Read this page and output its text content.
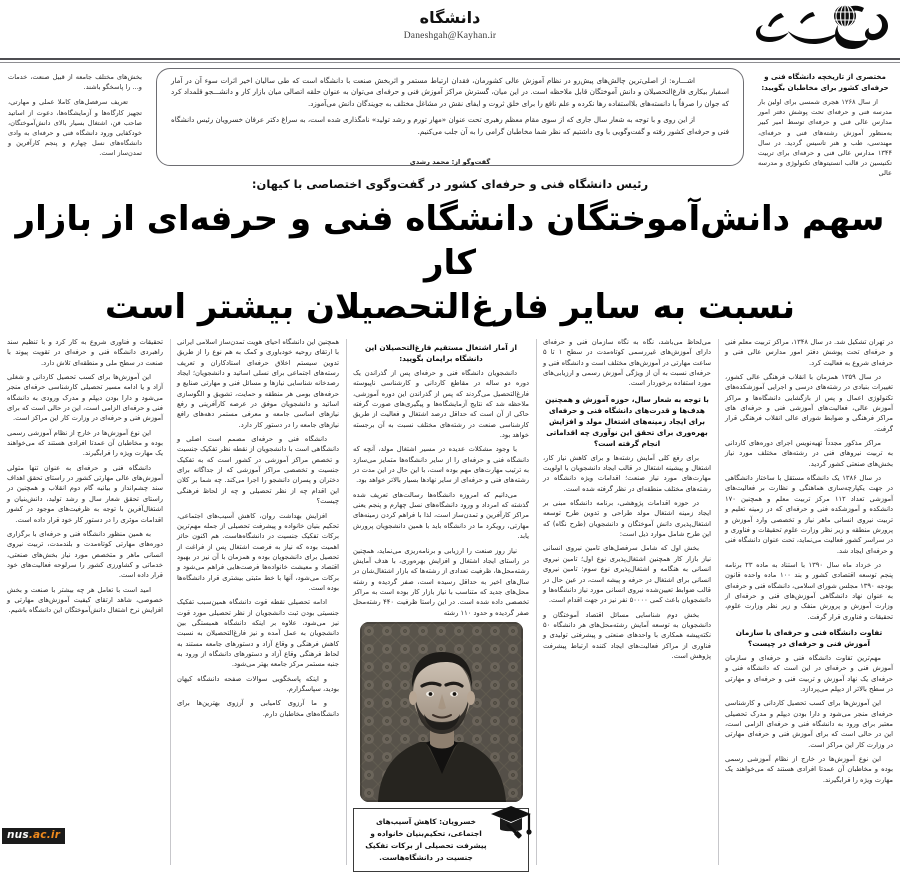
دانشگاه
Daneshgah@Kayhan.ir

مختصری از تاریخچه دانشگاه فنی و حرفه‌ای کشور برای مخاطبان بگویید:

از سال ۱۲۶۸ هجری شمسی برای اولین بار مدرسه فنی و حرفه‌ای تحت پوشش دفتر امور مدارس عالی فنی و حرفه‌ای توسط امیر کبیر به‌منظور آموزش رشته‌های فنی و حرفه‌ای، مهندسی، طب و هنر تاسیس گردید. در سال ۱۳۴۴ مدارس عالی فنی و حرفه‌ای برای تربیت تکنیسین در قالب انستیتوهای تکنولوژی و مدرسه عالی

اشـــاره: از اصلی‌ترین چالش‌های پیش‌رو در نظام آموزش عالی کشورمان، فقدان ارتباط مستمر و اثربخش صنعت با دانشگاه است که طی سالیان اخیر اثرات سوء آن در آمار اسفبار بیکاری فارغ‌التحصیلان و دانش آموختگان قابل ملاحظه است. در این میان، گسترش مراکز آموزش فنی و حرفه‌ای می‌توان به عنوان حلقه اتصالی میان بازار کار و دانشـــجو قلمداد کرد که جوان را صرفاً با دانسته‌های بلااستفاده رها نکرده و علم نافع را برای خلق ثروت و ایفای نقش در مشاغل مختلف به جویندگان دانش می‌آموزد.

از این روی و با توجه به شعار سال جاری که از سوی مقام معظم رهبری تحت عنوان «مهار تورم و رشد تولید» نامگذاری شده است، به سراغ دکتر عرفان خسرویان رئیس دانشگاه فنی و حرفه‌ای کشور رفته و گفت‌وگویی با وی داشتیم که نظر شما مخاطبان گرامی را به آن جلب می‌کنیم.

گفت‌وگو از: محمد رشدی

بخش‌های مختلف جامعه از قبیل صنعت، خدمات و... را پاسخگو باشند.

تعریف سرفصل‌های کاملا عملی و مهارتی، تجهیز کارگاه‌ها و آزمایشگاه‌ها، دعوت از اساتید صاحب فن، اشتغال بسیار بالای دانش‌آموختگان، خودکفایی ورود دانشگاه فنی و حرفه‌ای به وادی دانشگاه‌های نسل چهارم و پنجم کارآفرین و تمدن‌ساز است.

رئیس دانشگاه فنی و حرفه‌ای کشور در گفت‌وگوی اختصاصی با کیهان:
سهم دانش‌آموختگان دانشگاه فنی و حرفه‌ای از بازار کار
نسبت به سایر فارغ‌التحصیلان بیشتر است

در تهران تشکیل شد. در سال ۱۳۴۸، مراکز تربیت معلم فنی و حرفه‌ای تحت پوشش دفتر امور مدارس عالی فنی و حرفه‌ای شروع به فعالیت کرد.

در سال ۱۳۵۹ همزمان با انقلاب فرهنگی عالی کشور، تغییرات بنیادی در رشته‌های درسی و اجرایی آموزشکده‌های تکنولوژی اعمال و پس از بازگشایی دانشگاه‌ها و مراکز آموزش عالی، فعالیت‌های آموزشی فنی و حرفه‌ای های مراکز فرهنگی و ضوابط شورای عالی انقلاب فرهنگی قرار گرفت.

مراکز مذکور مجدداً تهیه‌نویس اجرای دوره‌های کاردانی به تربیت نیروهای فنی در رشته‌های مختلف مورد نیاز بخش‌های صنعتی کشور گردید.

در سال ۱۳۸۶ یک دانشگاه مستقل با ساختار دانشگاهی در جهت یکپارچه‌سازی هماهنگی و نظارت بر فعالیت‌های آموزشی تعداد ۱۱۲ مرکز تربیت معلم و همچنین ۱۷۰ دانشکده و آموزشکده فنی و حرفه‌ای که در زمینه تعلیم و تربیت نیروی انسانی ماهر نیاز و تخصصی وارد آموزش و پرورش منطقه و زیر نظر وزارت علوم تحقیقات و فناوری و در سراسر کشور فعالیت می‌نماید، تحت عنوان دانشگاه فنی و حرفه‌ای ایجاد شد.

در خرداد ماه سال ۱۳۹۰ با استناد به ماده ۲۳ برنامه پنجم توسعه اقتصادی کشور و بند ۱۰۰ ماده واحده قانون بودجه ۱۳۹۰ مجلس شورای اسلامی، دانشگاه فنی و حرفه‌ای به عنوان نهاد دانشگاهی آموزش‌های فنی و حرفه‌ای از وزارت آموزش و پرورش منفک و زیر نظر وزارت علوم، تحقیقات و فناوری قرار گرفت.

تفاوت دانشگاه فنی و حرفه‌ای با سازمان آموزش فنی و حرفه‌ای در چیست؟

مهم‌ترین تفاوت دانشگاه فنی و حرفه‌ای و سازمان آموزش فنی و حرفه‌ای در این است که دانشگاه فنی و حرفه‌ای یک نهاد آموزش و تربیت فنی و حرفه‌ای و مهارتی در سطح بالاتر از دیپلم می‌پردازد.

این آموزش‌ها برای کسب تحصیل کاردانی و کارشناسی حرفه‌ای منجر می‌شود و دارا بودن دیپلم و مدرک تحصیلی معتبر برای ورود به دانشگاه فنی و حرفه‌ای الزامی است، این در حالی است که برای آموزش فنی و حرفه‌ای مهارتی در وزارت کار این مراکز است.

این نوع آموزش‌ها در خارج از نظام آموزشی رسمی بوده و مخاطبان آن عمدتا افرادی هستند که می‌خواهند یک مهارت ویژه را فرابگیرند.

می‌لحاظ می‌باشد، نگاه به نگاه سازمان فنی و حرفه‌ای دارای آموزش‌های غیررسمی کوتاه‌مدت در سطح ۱ تا ۵ ساعت مهارتی در آموزش‌های مختلف است و دانشگاه فنی و حرفه‌ای نسبت به آن از ویژگی آموزش رسمی و ارزیابی‌های مورد استفاده برخوردار است.

با توجه به شعار سال، حوزه آموزش و همچنین هدف‌ها و قدرت‌های دانشگاه فنی و حرفه‌ای برای ایجاد زمینه‌های اشتغال مولد و افزایش بهره‌وری برای تحقق این نوآوری چه اقداماتی انجام گرفته است؟

برای رفع کلی آمایش رشته‌ها و برای کاهش نیاز کار، اشتغال و پیشینه اشتغال در قالب ایجاد دانشجویان با اولویت مهارت‌های مورد نیاز صنعت؛ اقدامات ویژه دانشگاه در رشته‌های مختلف منطقه‌ای در نظر گرفته شده است.

در حوزه اقدامات پژوهشی، برنامه دانشگاه مبنی بر ایجاد زمینه اشتغال مولد طراحی و تدوین طرح توسعه اشتغال‌پذیری دانش آموختگان و دانشجویان (طرح نگاه) که این طرح شامل موارد ذیل است:

بخش اول که شامل سرفصل‌های تامین نیروی انسانی نیاز بازار کار همچنین اشتغال‌پذیری نوع اول؛ تامین نیروی انسانی به هنگامه و اشتغال‌پذیری نوع سوم: تامین نیروی انسانی برای اشتغال در حرفه و پیشه است، در عین حال در قالب ضوابط تعیین‌شده نیروی انسانی مورد نیاز دانشگاه‌ها و دانشجویان باعث کمی ۵۰۰۰۰ نفر نیز در جهت اقدام است.

بخش دوم شناسایی مسائل اقتصاد آموختگان و دانشجویان به توسعه آمایش رشته‌محل‌های هر دانشگاه ۵۰ نکته‌پیشه همکاری با واحدهای صنعتی و پیشرفتی تولیدی و فناوری از مراکز فعالیت‌های ایجاد کننده ارتباط پیشرفت پژوهش است.

از آمار اشتغال مستقیم فارغ‌التحصیلان این دانشگاه برایمان بگویید:

دانشجویان دانشگاه فنی و حرفه‌ای پس از گذراندن یک دوره دو ساله در مقاطع کاردانی و کارشناسی ناپیوسته فارغ‌التحصیل می‌گردند که پس از گذراندن این دوره آموزشی، ملاحظه شد که نتایج آزمایشگاه‌ها و پیگیری‌های صورت گرفته حاکی از آن است که حداقل درصد اشتغال و فعالیت از طریق کارشناسی صنعت در رشته‌های مختلف نسبت به آن برجسته خواهد بود.

با وجود مشکلات عدیده در مسیر اشتغال مولد، آنچه که دانشگاه فنی و حرفه‌ای را از سایر دانشگاه‌ها متمایز می‌سازد به ترتیب مهارت‌های مهم بوده است، با این حال در این مدت در رشته‌های فنی و حرفه‌ای از سایر نهادها بسیار بالاتر خواهد بود.

می‌دانیم که امروزه دانشگاه‌ها رسالت‌های تعریف شده گذشته که امرداد و ورود دانشگاه‌های نسل چهارم و پنجم یعنی مراکز کارآفرین و تمدن‌ساز است، لذا با فراهم کردن زمینه‌های مهارتی، رویکرد ما در دانشگاه باید با همین دانشجویان پرورش یابد.

نیاز روز صنعت را ارزیابی و برنامه‌ریزی می‌نماید، همچنین در راستای ایجاد اشتغال و افزایش بهره‌وری، با هدف آمایش رشته‌محل‌ها، ظرفیت تعدادی از رشته‌ها که بازار اشتغال‌شان در سال‌های اخیر به حداقل رسیده است، صفر گردیده و رشته محل‌های جدید که متناسب با نیاز بازار کار بوده است به مراکز تخصصی داده شده است. در این راستا ظرفیت ۴۴۰ رشته‌محل صفر گردیده و حدود ۱۱۰ رشته

خسرویان: کاهش آسیب‌های اجتماعی، تحکیم‌بنیان خانواده و پیشرفت تحصیلی از برکات تفکیک جنسیت در دانشگاه‌هاست.

همچنین این دانشگاه احیای هویت تمدن‌ساز اسلامی ایرانی با ارتقای روحیه خودباوری و کمک به هم نوع را از طریق تدوین سیستم اخلاق حرفه‌ای استادکاران و تعریف رسته‌های اجتماعی برای نسلی اساتید و دانشجویان؛ ایجاد رصدخانه شناسایی نیازها و مسائل فنی و مهارتی صنایع و حرفه‌های بومی هر منطقه و حمایت، تشویق و الگوسازی اساتید و دانشجویان موفق در عرصه کارآفرینی و رفع نیازهای اساسی جامعه و معرفی مستمر دهه‌های رافع نیازهای جامعه را در دستور کار دارد.

دانشگاه فنی و حرفه‌ای مصمم است اصلی و دانشگاهی است با دانشجویان از نقطه نظر تفکیک جنسیت و تخصص مراکز آموزشی در کشور است که به تفکیک جنسیت و تخصصی مراکز آموزشی که از جداگانه برای دختران و پسران دانشجو را اجرا می‌کند. چه شما بر کلان این اقدام چه از نظر تحصیلی و چه از لحاظ فرهنگی چیست؟

افزایش بهداشت روان، کاهش آسیب‌های اجتماعی، تحکیم بنیان خانواده و پیشرفت تحصیلی از جمله مهم‌ترین برکات تفکیک جنسیت در دانشگاه‌هاست. هم اکنون حائز اهمیت بوده که نیاز به فرصت اشتغال پس از فراغت از تحصیل برای دانشجویان بوده و همزمان با آن نیز در بهبود اقتصاد و معیشت خانواده‌ها فرصت‌هایی فراهم می‌شود و برکات می‌شود، آنها با خط مثبتی بیشتری قرار دانشگاه‌ها بوده است.

ادامه تحصیلی نقطه قوت دانشگاه همین‌سبب تفکیک جنسیتی بودن ثبت دانشجویان از نظر تحصیلی مورد قوت نیز می‌شود، علاوه بر اینکه دانشگاه همبستگی بین دانشجویان به عمل آمده و نیز فارغ‌التحصیلان به نسبت کاهش فرهنگی و وقاع آزاد و دستورهای جامعه مستند به لحاظ فرهنگی وقاع آزاد و دستورهای دانشگاه از ورود به جنبه مستمر مرکز جامعه بهتر می‌شود.

و اینکه پاسخگویی سوالات صفحه دانشگاه کیهان بودید، سپاسگزارم.

و ما آرزوی کامیابی و آرزوی بهترین‌ها برای دانشگاه‌های مخاطبان دارم.

تحقیقات و فناوری شروع به کار کرد و با تنظیم سند راهبردی دانشگاه فنی و حرفه‌ای در تقویت پیوند با صنعت در سطح ملی و منطقه‌ای تلاش دارد.

این آموزش‌ها برای کسب تحصیل کاردانی و شغلی آزاد و یا ادامه مسیر تحصیلی کارشناسی حرفه‌ای منجر می‌شود و دارا بودن دیپلم و مدرک ورودی به دانشگاه فنی و حرفه‌ای الزامی است، این در حالی است که برای آموزش فنی و حرفه‌ای در وزارت کار این مراکز است.

این نوع آموزش‌ها در خارج از نظام آموزشی رسمی بوده و مخاطبان آن عمدتا افرادی هستند که می‌خواهند یک مهارت ویژه را فرابگیرند.

دانشگاه فنی و حرفه‌ای به عنوان تنها متولی آموزش‌های عالی مهارتی کشور در راستای تحقق اهداف سند چشم‌انداز و بیانیه گام دوم انقلاب و همچنین در راستای تحقق شعار سال و رشد تولید، دانش‌بنیان و اشتغال‌آفرین با توجه به ظرفیت‌های موجود در کشور اقدامات موثری را در دستور کار خود قرار داده است.

به همین منظور دانشگاه فنی و حرفه‌ای با برگزاری دوره‌های مهارتی کوتاه‌مدت و بلندمدت، تربیت نیروی انسانی ماهر و متخصص مورد نیاز بخش‌های صنعتی، خدماتی و کشاورزی کشور را سرلوحه فعالیت‌های خود قرار داده است.

امید است با تعامل هر چه بیشتر با صنعت و بخش خصوصی، شاهد ارتقای کیفیت آموزش‌های مهارتی و افزایش نرخ اشتغال دانش‌آموختگان این دانشگاه باشیم.

nus.ac.ir
